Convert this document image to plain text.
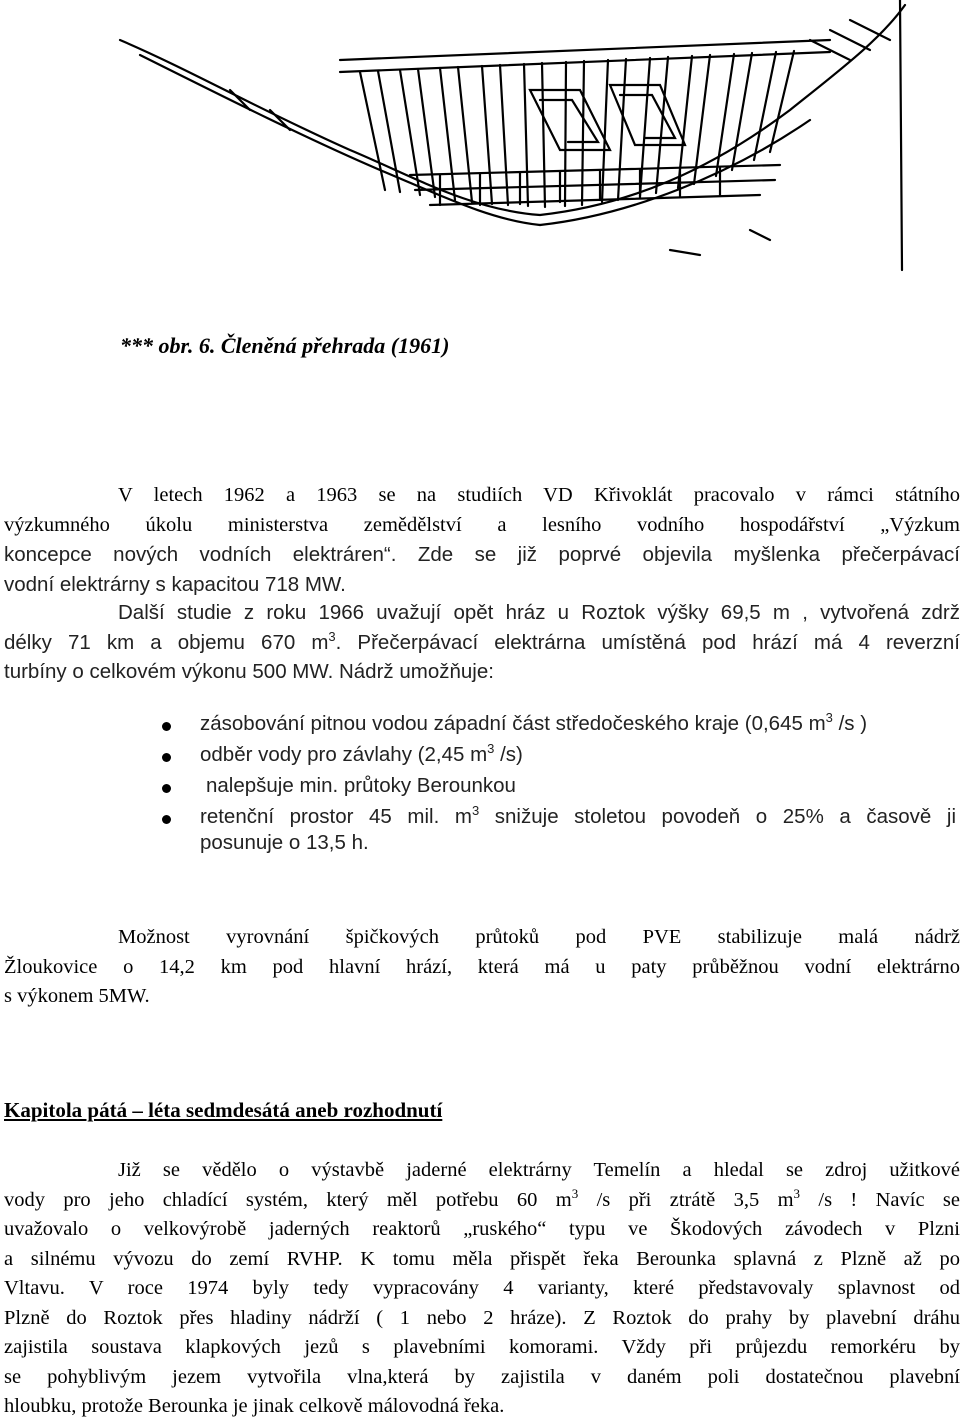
*** obr. 6. Členěná přehrada (1961)
V letech 1962 a 1963 se na studiích VD Křivoklát pracovalo v rámci státního
výzkumného úkolu ministerstva zemědělství a lesního vodního hospodářství „Výzkum
koncepce nových vodních elektráren“. Zde se již poprvé objevila myšlenka přečerpávací
vodní elektrárny s kapacitou 718 MW.
Další studie z roku 1966 uvažují opět hráz u Roztok výšky 69,5 m , vytvořená zdrž
délky 71 km a objemu 670 $m^3$. Přečerpávací elektrárna umístěná pod hrází má 4 reverzní
turbíny o celkovém výkonu 500 MW. Nádrž umožňuje:
zásobování pitnou vodou západní část středočeského kraje (0,645 $m^3$ /s )
odběr vody pro závlahy (2,45 $m^3$ /s)
nalepšuje min. průtoky Berounkou
retenční prostor 45 mil. $m^3$ snižuje stoletou povodeň o 25% a časově ji
posunuje o 13,5 h.
Možnost vyrovnání špičkových průtoků pod PVE stabilizuje malá nádrž
Žloukovice o 14,2 km pod hlavní hrází, která má u paty průběžnou vodní elektrárno
s výkonem 5MW.
Kapitola pátá – léta sedmdesátá aneb rozhodnutí
Již se vědělo o výstavbě jaderné elektrárny Temelín a hledal se zdroj užitkové
vody pro jeho chladící systém, který měl potřebu 60 $m^3$ /s při ztrátě 3,5 $m^3$ /s ! Navíc se
uvažovalo o velkovýrobě jaderných reaktorů „ruského“ typu ve Škodových závodech v Plzni
a silnému vývozu do zemí RVHP. K tomu měla přispět řeka Berounka splavná z Plzně až po
Vltavu. V roce 1974 byly tedy vypracovány 4 varianty, které představovaly splavnost od
Plzně do Roztok přes hladiny nádrží ( 1 nebo 2 hráze). Z Roztok do prahy by plavební dráhu
zajistila soustava klapkových jezů s plavebními komorami. Vždy při průjezdu remorkéru by
se pohyblivým jezem vytvořila vlna,která by zajistila v daném poli dostatečnou plavební
hloubku, protože Berounka je jinak celkově málovodná řeka.
